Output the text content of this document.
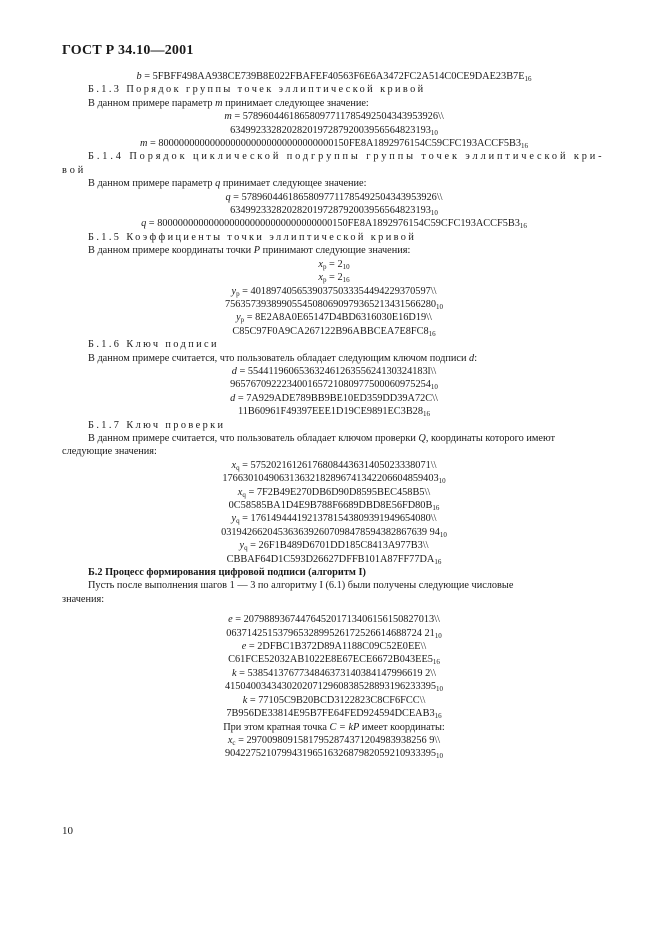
ГОСТ Р 34.10—2001
$b = 5FBFF498AA938CE739B8E022FBAFEF40563F6E6A3472FC2A514C0CE9DAE23B7E_{16}$
Б.1.3 Порядок группы точек эллиптической кривой
В данном примере параметр m принимает следующее значение:
m = 57896044618658097711785492504343953926\\
$634992332820282019728792003956564823193_{10}$
$m = 8000000000000000000000000000000000150FE8A1892976154C59CFC193ACCF5B3_{16}$
Б.1.4 Порядок циклической подгруппы группы точек эллиптической кри-
вой
В данном примере параметр q принимает следующее значение:
q = 57896044618658097711785492504343953926\\
$634992332820282019728792003956564823193_{10}$
$q = 8000000000000000000000000000000000150FE8A1892976154C59CFC193ACCF5B3_{16}$
Б.1.5 Коэффициенты точки эллиптической кривой
В данном примере координаты точки P принимают следующие значения:
$x_p = 2_{10}$
$x_p = 2_{16}$
$y_p$ = 40189740565390375033354494229370597\\
$75635739389905545080690979365213431566280_{10}$
$y_p$ = 8E2A8A0E65147D4BD6316030E16D19\\
$C85C97F0A9CA267122B96ABBCEA7E8FC8_{16}$
Б.1.6 Ключ подписи
В данном примере считается, что пользователь обладает следующим ключом подписи d:
d = 55441196065363246126355624130324183l\\
$965767092223400165721080977500060975254_{10}$
d = 7A929ADE789BB9BE10ED359DD39A72C\\
$11B60961F49397EEE1D19CE9891EC3B28_{16}$
Б.1.7 Ключ проверки
В данном примере считается, что пользователь обладает ключом проверки Q, координаты которого имеют
следующие значения:
$x_q$ = 57520216126176808443631405023338071\\
$176630104906313632182896741342206604859403_{10}$
$x_q$ = 7F2B49E270DB6D90D8595BEC458B5\\
$0C58585BA1D4E9B788F6689DBD8E56FD80B_{16}$
$y_q$ = 17614944419213781543809391949654080\\
0319426620453636392607098478594382867639 $94_{10}$
$y_q$ = 26F1B489D6701DD185C8413A977B3\\
$CBBAF64D1C593D26627DFFB101A87FF77DA_{16}$
Б.2 Процесс формирования цифровой подписи (алгоритм I)
Пусть после выполнения шагов 1 — 3 по алгоритму I (6.1) были получены следующие числовые
значения:
e = 2079889367447645201713406156150827013\\
06371425153796532899526172526614688724 $21_{10}$
e = 2DFBC1B372D89A1188C09C52E0EE\\
$C61FCE52032AB1022E8E67ECE6672B043EE5_{16}$
k = 5385413767734846373140384147996619 2\\
$41504003434302020712960838528893196233395_{10}$
k = 77105C9B20BCD3122823C8CF6FCC\\
$7B956DE33814E95B7FE64FED924594DCEAB3_{16}$
При этом кратная точка C = kP имеет координаты:
$x_c = 29700980915817952874371204983938256$ 9\\
$90422752107994319651632687982059210933395_{10}$
10
